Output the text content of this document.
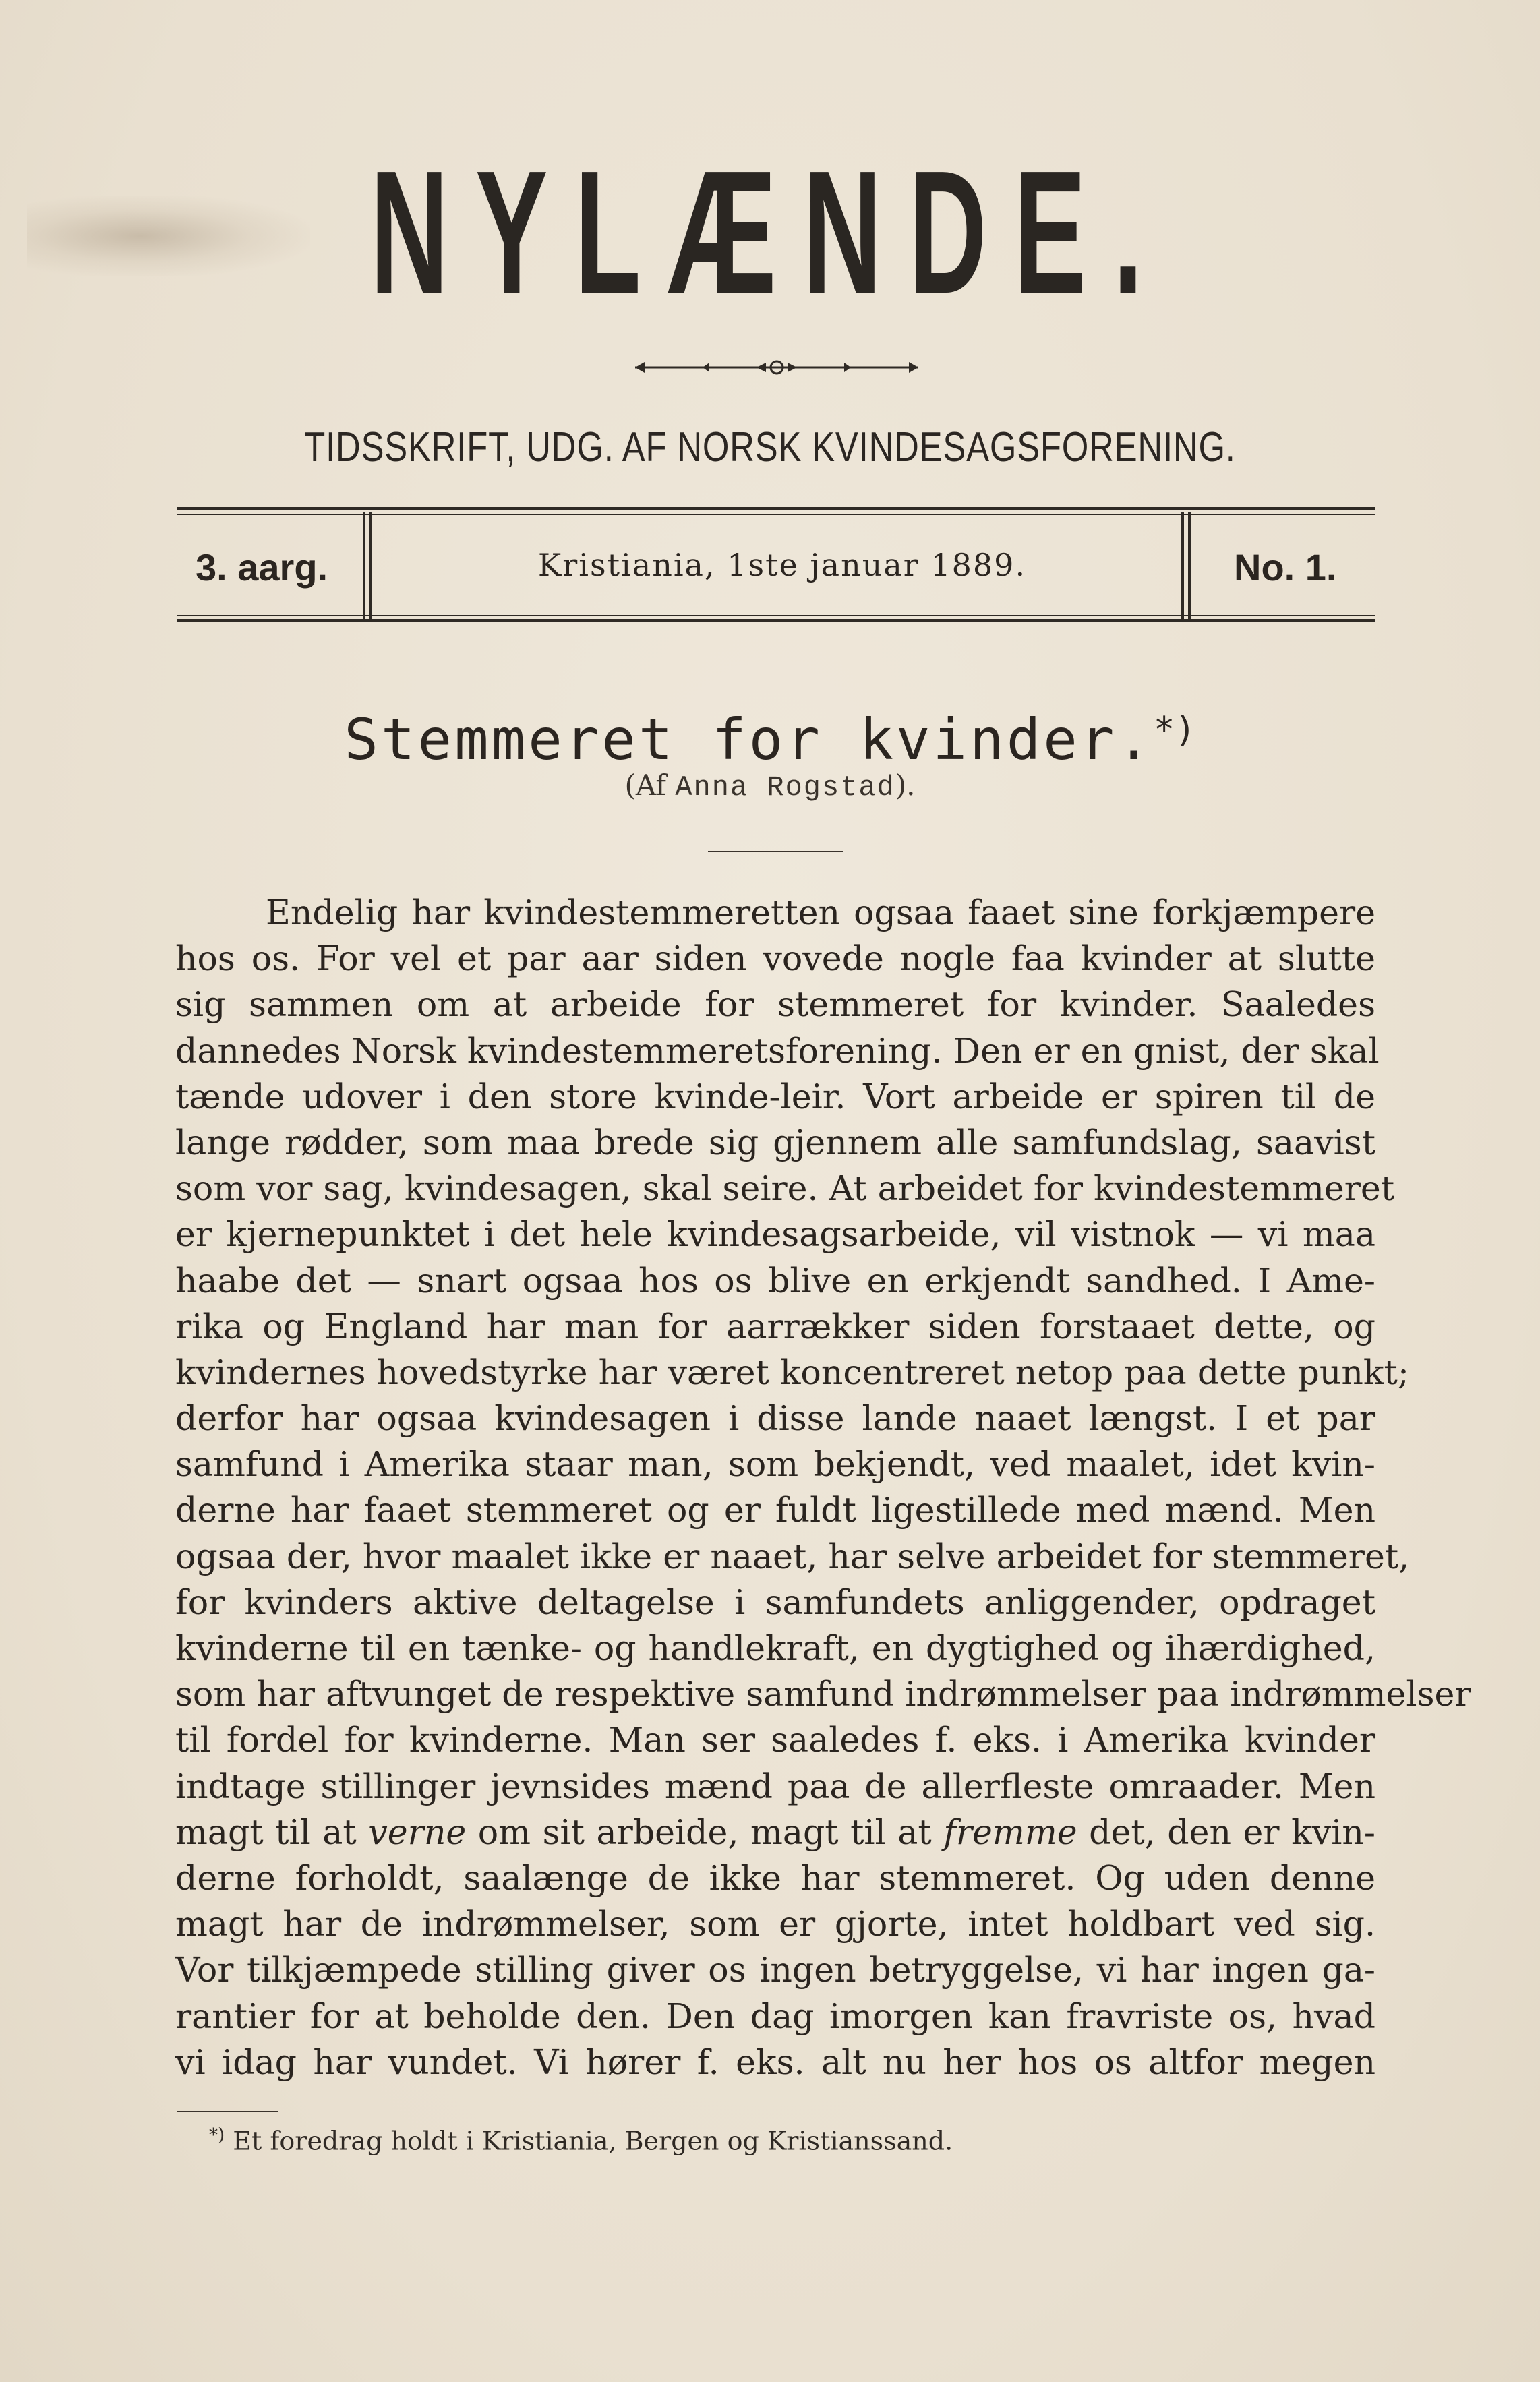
NYLÆNDE.
TIDSSKRIFT, UDG. AF NORSK KVINDESAGSFORENING.
3. aarg.	Kristiania, 1ste januar 1889.	No. 1.
Stemmeret for kvinder.*)
(Af Anna Rogstad).
Endelig har kvindestemmeretten ogsaa faaet sine forkjæmpere
hos os. For vel et par aar siden vovede nogle faa kvinder at slutte
sig sammen om at arbeide for stemmeret for kvinder. Saaledes
dannedes Norsk kvindestemmeretsforening. Den er en gnist, der skal
tænde udover i den store kvinde-leir. Vort arbeide er spiren til de
lange rødder, som maa brede sig gjennem alle samfundslag, saavist
som vor sag, kvindesagen, skal seire. At arbeidet for kvindestemmeret
er kjernepunktet i det hele kvindesagsarbeide, vil vistnok — vi maa
haabe det — snart ogsaa hos os blive en erkjendt sandhed. I Ame-
rika og England har man for aarrækker siden forstaaet dette, og
kvindernes hovedstyrke har været koncentreret netop paa dette punkt;
derfor har ogsaa kvindesagen i disse lande naaet længst. I et par
samfund i Amerika staar man, som bekjendt, ved maalet, idet kvin-
derne har faaet stemmeret og er fuldt ligestillede med mænd. Men
ogsaa der, hvor maalet ikke er naaet, har selve arbeidet for stemmeret,
for kvinders aktive deltagelse i samfundets anliggender, opdraget
kvinderne til en tænke- og handlekraft, en dygtighed og ihærdighed,
som har aftvunget de respektive samfund indrømmelser paa indrømmelser
til fordel for kvinderne. Man ser saaledes f. eks. i Amerika kvinder
indtage stillinger jevnsides mænd paa de allerfleste omraader. Men
magt til at verne om sit arbeide, magt til at fremme det, den er kvin-
derne forholdt, saalænge de ikke har stemmeret. Og uden denne
magt har de indrømmelser, som er gjorte, intet holdbart ved sig.
Vor tilkjæmpede stilling giver os ingen betryggelse, vi har ingen ga-
rantier for at beholde den. Den dag imorgen kan fravriste os, hvad
vi idag har vundet. Vi hører f. eks. alt nu her hos os altfor megen
*) Et foredrag holdt i Kristiania, Bergen og Kristianssand.
